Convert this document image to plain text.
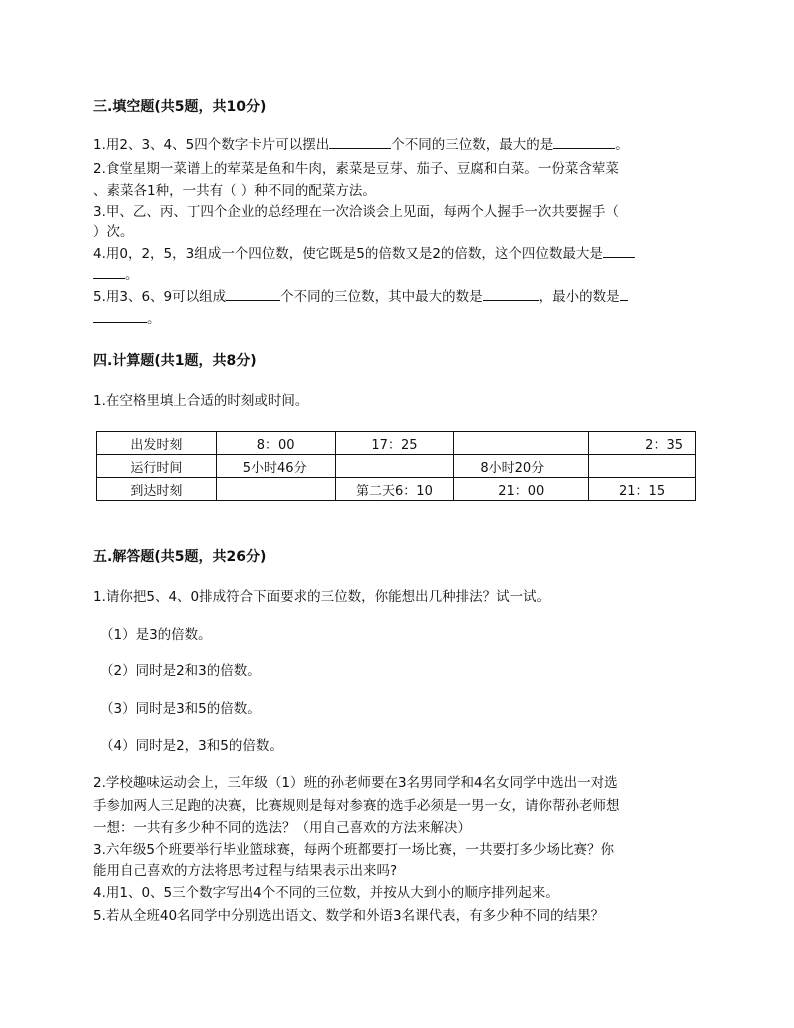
三.填空题(共5题，共10分)
1.用2、3、4、5四个数字卡片可以摆出	个不同的三位数，最大的是	。
2.食堂星期一菜谱上的荤菜是鱼和牛肉，素菜是豆芽、茄子、豆腐和白菜。一份菜含荤菜
、素菜各1种，一共有（ ）种不同的配菜方法。
3.甲、乙、丙、丁四个企业的总经理在一次洽谈会上见面，每两个人握手一次共要握手（
）次。
4.用0，2，5，3组成一个四位数，使它既是5的倍数又是2的倍数，这个四位数最大是
。
5.用3、6、9可以组成	个不同的三位数，其中最大的数是	，最小的数是
。
四.计算题(共1题，共8分)
1.在空格里填上合适的时刻或时间。
出发时刻	8：00	17：25		2：35
运行时间	5小时46分		8小时20分	
到达时刻		第二天6：10	21：00	21：15
五.解答题(共5题，共26分)
1.请你把5、4、0排成符合下面要求的三位数，你能想出几种排法？试一试。
（1）是3的倍数。
（2）同时是2和3的倍数。
（3）同时是3和5的倍数。
（4）同时是2，3和5的倍数。
2.学校趣味运动会上，三年级（1）班的孙老师要在3名男同学和4名女同学中选出一对选
手参加两人三足跑的决赛，比赛规则是每对参赛的选手必须是一男一女，请你帮孙老师想
一想：一共有多少种不同的选法？（用自己喜欢的方法来解决）
3.六年级5个班要举行毕业篮球赛，每两个班都要打一场比赛，一共要打多少场比赛？你
能用自己喜欢的方法将思考过程与结果表示出来吗?
4.用1、0、5三个数字写出4个不同的三位数，并按从大到小的顺序排列起来。
5.若从全班40名同学中分别选出语文、数学和外语3名课代表，有多少种不同的结果？
